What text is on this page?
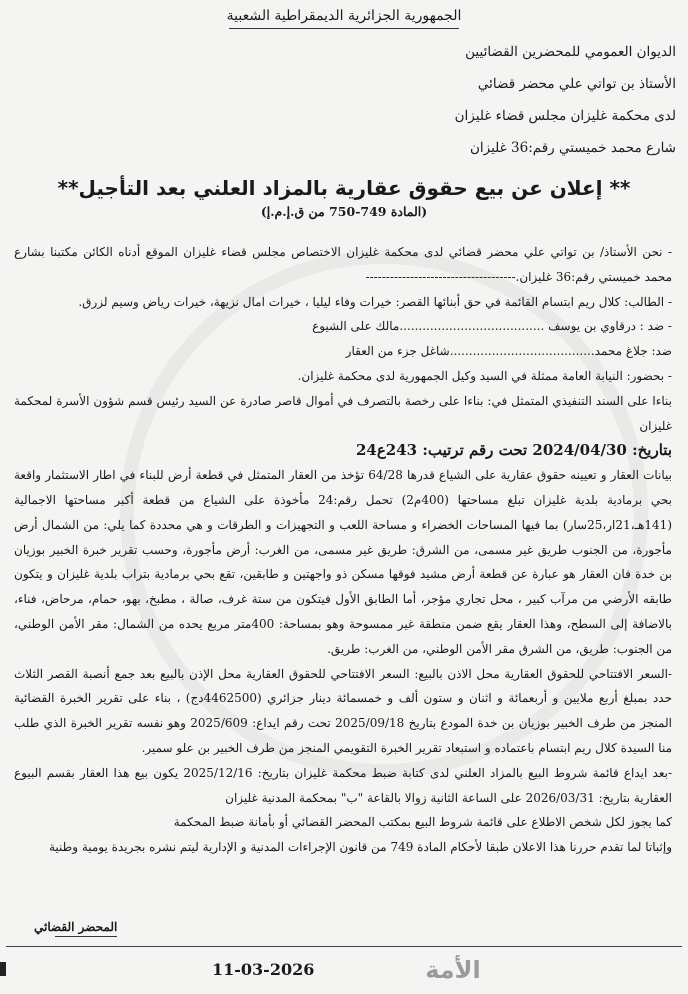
الجمهورية الجزائرية الديمقراطية الشعبية
الديوان العمومي للمحضرين القضائيين
الأستاذ بن تواتي علي محضر قضائي
لدى محكمة غليزان مجلس قضاء غليزان
شارع محمد خميستي رقم:36 غليزان
** إعلان عن بيع حقوق عقارية بالمزاد العلني بعد التأجيل**
(المادة 749-750 من ق.إ.م.إ)

- نحن الأستاذ/ بن تواتي علي محضر قضائي لدى محكمة غليزان الاختصاص مجلس قضاء غليزان الموقع أدناه الكائن مكتبنا بشارع محمد خميستي رقم:36 غليزان.-------------------------------------

- الطالب: كلال ريم ابتسام القائمة في حق أبنائها القصر: خيرات وفاء ليليا ، خيرات امال نزيهة، خيرات رياض وسيم لزرق.

- ضد : درقاوي بن يوسف ......................................مالك على الشيوع

ضد: جلاغ محمد......................................شاغل جزء من العقار

- بحضور: النيابة العامة ممثلة في السيد وكيل الجمهورية لدى محكمة غليزان.

بناءا على السند التنفيذي المتمثل في: بناءا على رخصة بالتصرف في أموال قاصر صادرة عن السيد رئيس قسم شؤون الأسرة لمحكمة غليزان

بتاريخ: 2024/04/30 تحت رقم ترتيب: 243ع24

بيانات العقار و تعيينه حقوق عقارية على الشياع قدرها 64/28 تؤخذ من العقار المتمثل في قطعة أرض للبناء في اطار الاستثمار واقعة بحي برمادية بلدية غليزان تبلغ مساحتها (400م2) تحمل رقم:24 مأخوذة على الشياع من قطعة أكبر مساحتها الاجمالية (141هـ،21ار،25سار) بما فيها المساحات الخضراء و مساحة اللعب و التجهيزات و الطرقات و هي محددة كما يلي: من الشمال أرض مأجورة، من الجنوب طريق غير مسمى، من الشرق: طريق غير مسمى، من الغرب: أرض مأجورة، وحسب تقرير خبرة الخبير بوزيان بن خدة فان العقار هو عبارة عن قطعة أرض مشيد فوقها مسكن ذو واجهتين و طابقين، تقع بحي برمادية بتراب بلدية غليزان و يتكون طابقه الأرضي من مرآب كبير ، محل تجاري مؤجر، أما الطابق الأول فيتكون من ستة غرف، صالة ، مطبخ، بهو، حمام، مرحاض، فناء، بالاضافة إلى السطح، وهذا العقار يقع ضمن منطقة غير ممسوحة وهو بمساحة: 400متر مربع يحده من الشمال: مقر الأمن الوطني، من الجنوب: طريق، من الشرق مقر الأمن الوطني، من الغرب: طريق.

-السعر الافتتاحي للحقوق العقارية محل الاذن بالبيع: السعر الافتتاحي للحقوق العقارية محل الإذن بالبيع بعد جمع أنصبة القصر الثلاث حدد بمبلغ أربع ملايين و أربعمائة و اثنان و ستون ألف و خمسمائة دينار جزائري (4462500دج) ، بناء على تقرير الخبرة القضائية المنجز من طرف الخبير بوزيان بن خدة المودع بتاريخ 2025/09/18 تحت رقم ايداع: 2025/609 وهو نفسه تقرير الخبرة الذي طلب منا السيدة كلال ريم ابتسام باعتماده و استبعاد تقرير الخبرة التقويمي المنجز من طرف الخبير بن علو سمير.

-بعد ايداع قائمة شروط البيع بالمزاد العلني لدى كتابة ضبط محكمة غليزان بتاريخ: 2025/12/16 يكون بيع هذا العقار بقسم البيوع العقارية بتاريخ: 2026/03/31 على الساعة الثانية زوالا بالقاعة "ب" بمحكمة المدنية غليزان

كما يجوز لكل شخص الاطلاع على قائمة شروط البيع بمكتب المحضر القضائي أو بأمانة ضبط المحكمة

وإثباتا لما تقدم حررنا هذا الاعلان طبقا لأحكام المادة 749 من قانون الإجراءات المدنية و الإدارية ليتم نشره بجريدة يومية وطنية

المحضر القضائي
11-03-2026	الأمة
